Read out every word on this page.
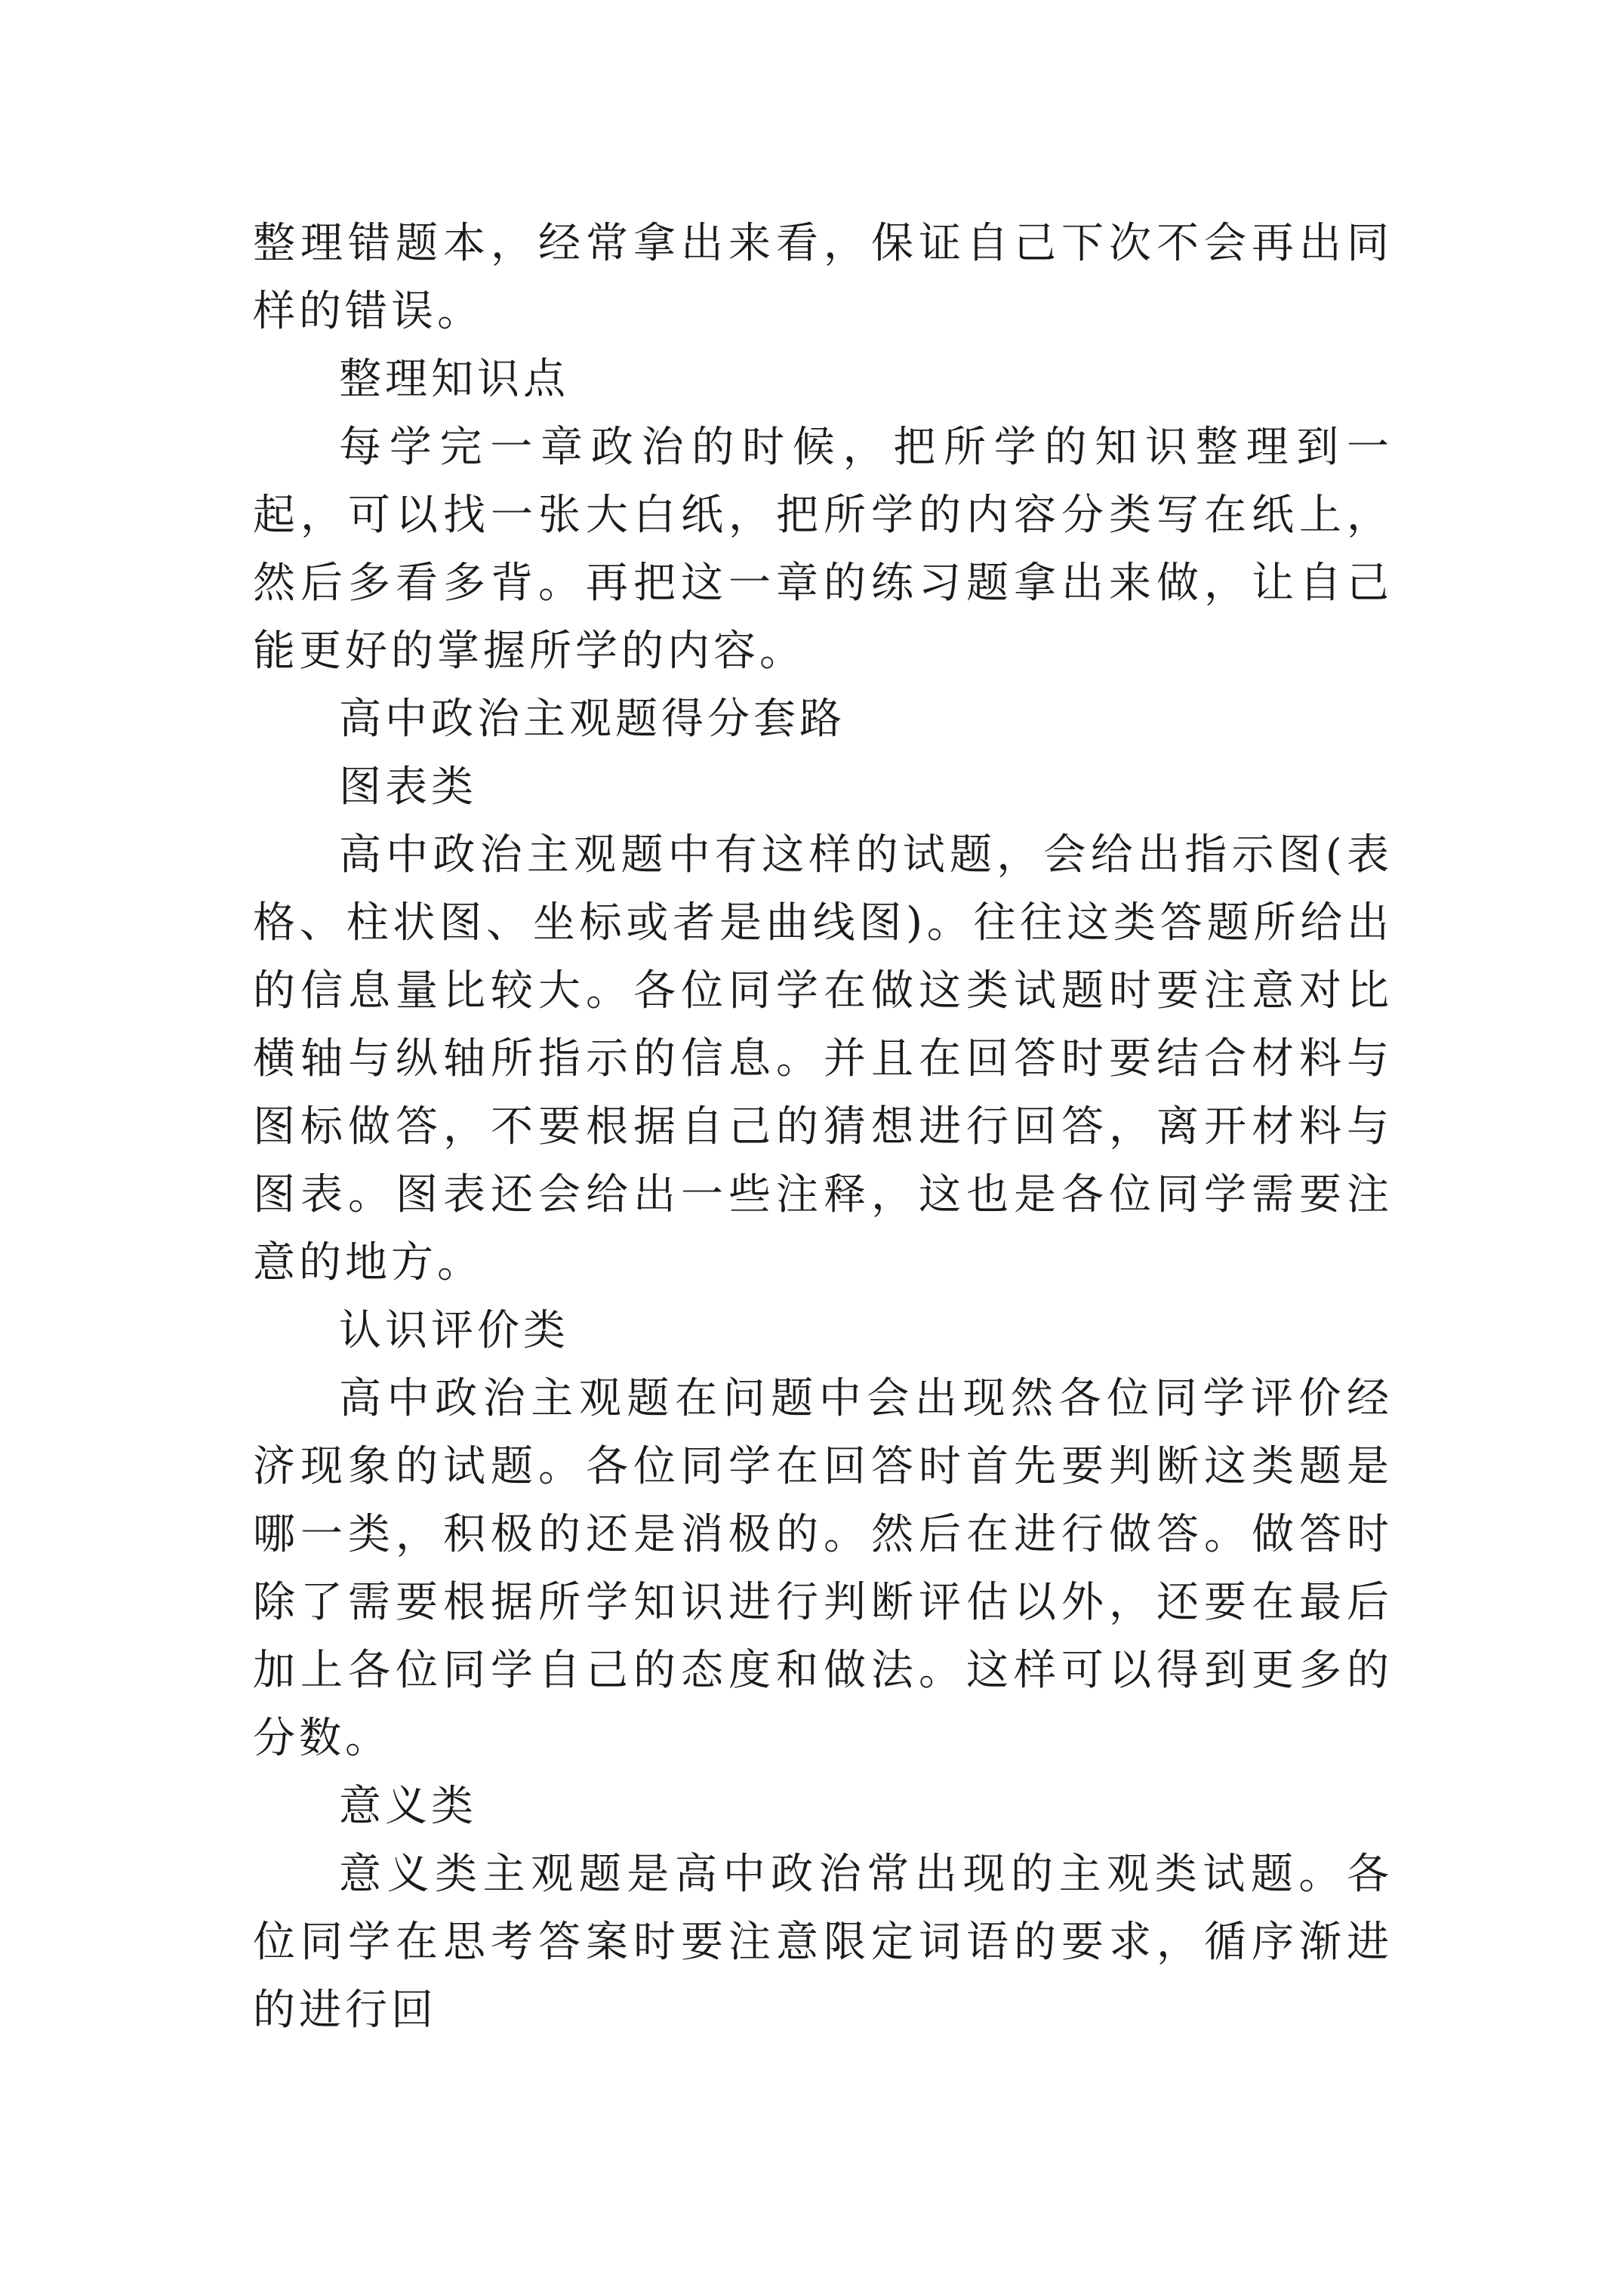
整理错题本，经常拿出来看，保证自己下次不会再出同样的错误。

整理知识点

每学完一章政治的时候，把所学的知识整理到一起，可以找一张大白纸，把所学的内容分类写在纸上，然后多看多背。再把这一章的练习题拿出来做，让自己能更好的掌握所学的内容。

高中政治主观题得分套路

图表类

高中政治主观题中有这样的试题，会给出指示图(表格、柱状图、坐标或者是曲线图)。往往这类答题所给出的信息量比较大。各位同学在做这类试题时要注意对比横轴与纵轴所指示的信息。并且在回答时要结合材料与图标做答，不要根据自己的猜想进行回答，离开材料与图表。图表还会给出一些注释，这也是各位同学需要注意的地方。

认识评价类

高中政治主观题在问题中会出现然各位同学评价经济现象的试题。各位同学在回答时首先要判断这类题是哪一类，积极的还是消极的。然后在进行做答。做答时除了需要根据所学知识进行判断评估以外，还要在最后加上各位同学自己的态度和做法。这样可以得到更多的分数。

意义类

意义类主观题是高中政治常出现的主观类试题。各位同学在思考答案时要注意限定词语的要求，循序渐进的进行回
